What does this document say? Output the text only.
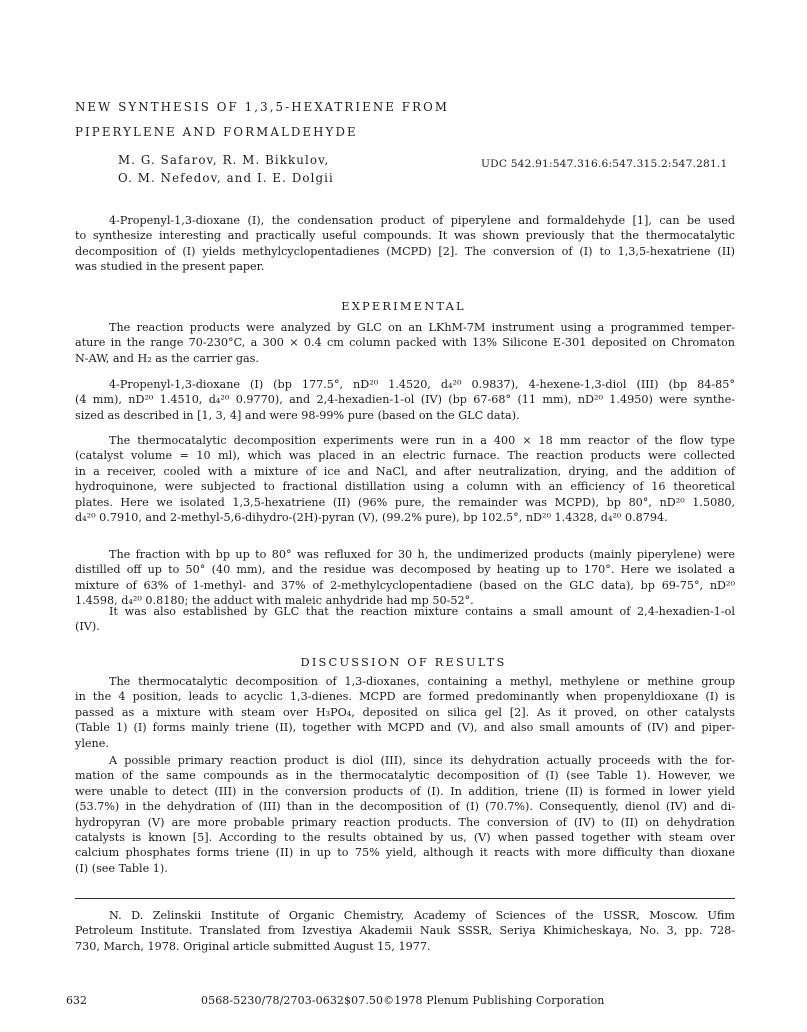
NEW SYNTHESIS OF 1,3,5-HEXATRIENE FROM
PIPERYLENE AND FORMALDEHYDE
M. G. Safarov, R. M. Bikkulov,
O. M. Nefedov, and I. E. Dolgii
UDC 542.91:547.316.6:547.315.2:547.281.1
4-Propenyl-1,3-dioxane (I), the condensation product of piperylene and formaldehyde [1], can be used
to synthesize interesting and practically useful compounds. It was shown previously that the thermocatalytic
decomposition of (I) yields methylcyclopentadienes (MCPD) [2]. The conversion of (I) to 1,3,5-hexatriene (II)
was studied in the present paper.
EXPERIMENTAL
The reaction products were analyzed by GLC on an LKhM-7M instrument using a programmed temper-
ature in the range 70-230°C, a 300 × 0.4 cm column packed with 13% Silicone E-301 deposited on Chromaton
N-AW, and H₂ as the carrier gas.
4-Propenyl-1,3-dioxane (I) (bp 177.5°, nD²⁰ 1.4520, d₄²⁰ 0.9837), 4-hexene-1,3-diol (III) (bp 84-85°
(4 mm), nD²⁰ 1.4510, d₄²⁰ 0.9770), and 2,4-hexadien-1-ol (IV) (bp 67-68° (11 mm), nD²⁰ 1.4950) were synthe-
sized as described in [1, 3, 4] and were 98-99% pure (based on the GLC data).
The thermocatalytic decomposition experiments were run in a 400 × 18 mm reactor of the flow type
(catalyst volume = 10 ml), which was placed in an electric furnace. The reaction products were collected
in a receiver, cooled with a mixture of ice and NaCl, and after neutralization, drying, and the addition of
hydroquinone, were subjected to fractional distillation using a column with an efficiency of 16 theoretical
plates. Here we isolated 1,3,5-hexatriene (II) (96% pure, the remainder was MCPD), bp 80°, nD²⁰ 1.5080,
d₄²⁰ 0.7910, and 2-methyl-5,6-dihydro-(2H)-pyran (V), (99.2% pure), bp 102.5°, nD²⁰ 1.4328, d₄²⁰ 0.8794.
The fraction with bp up to 80° was refluxed for 30 h, the undimerized products (mainly piperylene) were
distilled off up to 50° (40 mm), and the residue was decomposed by heating up to 170°. Here we isolated a
mixture of 63% of 1-methyl- and 37% of 2-methylcyclopentadiene (based on the GLC data), bp 69-75°, nD²⁰
1.4598, d₄²⁰ 0.8180; the adduct with maleic anhydride had mp 50-52°.
It was also established by GLC that the reaction mixture contains a small amount of 2,4-hexadien-1-ol
(IV).
DISCUSSION OF RESULTS
The thermocatalytic decomposition of 1,3-dioxanes, containing a methyl, methylene or methine group
in the 4 position, leads to acyclic 1,3-dienes. MCPD are formed predominantly when propenyldioxane (I) is
passed as a mixture with steam over H₃PO₄, deposited on silica gel [2]. As it proved, on other catalysts
(Table 1) (I) forms mainly triene (II), together with MCPD and (V), and also small amounts of (IV) and piper-
ylene.
A possible primary reaction product is diol (III), since its dehydration actually proceeds with the for-
mation of the same compounds as in the thermocatalytic decomposition of (I) (see Table 1). However, we
were unable to detect (III) in the conversion products of (I). In addition, triene (II) is formed in lower yield
(53.7%) in the dehydration of (III) than in the decomposition of (I) (70.7%). Consequently, dienol (IV) and di-
hydropyran (V) are more probable primary reaction products. The conversion of (IV) to (II) on dehydration
catalysts is known [5]. According to the results obtained by us, (V) when passed together with steam over
calcium phosphates forms triene (II) in up to 75% yield, although it reacts with more difficulty than dioxane
(I) (see Table 1).
N. D. Zelinskii Institute of Organic Chemistry, Academy of Sciences of the USSR, Moscow. Ufim
Petroleum Institute. Translated from Izvestiya Akademii Nauk SSSR, Seriya Khimicheskaya, No. 3, pp. 728-
730, March, 1978. Original article submitted August 15, 1977.
632	0568-5230/78/2703-0632$07.50©1978 Plenum Publishing Corporation
